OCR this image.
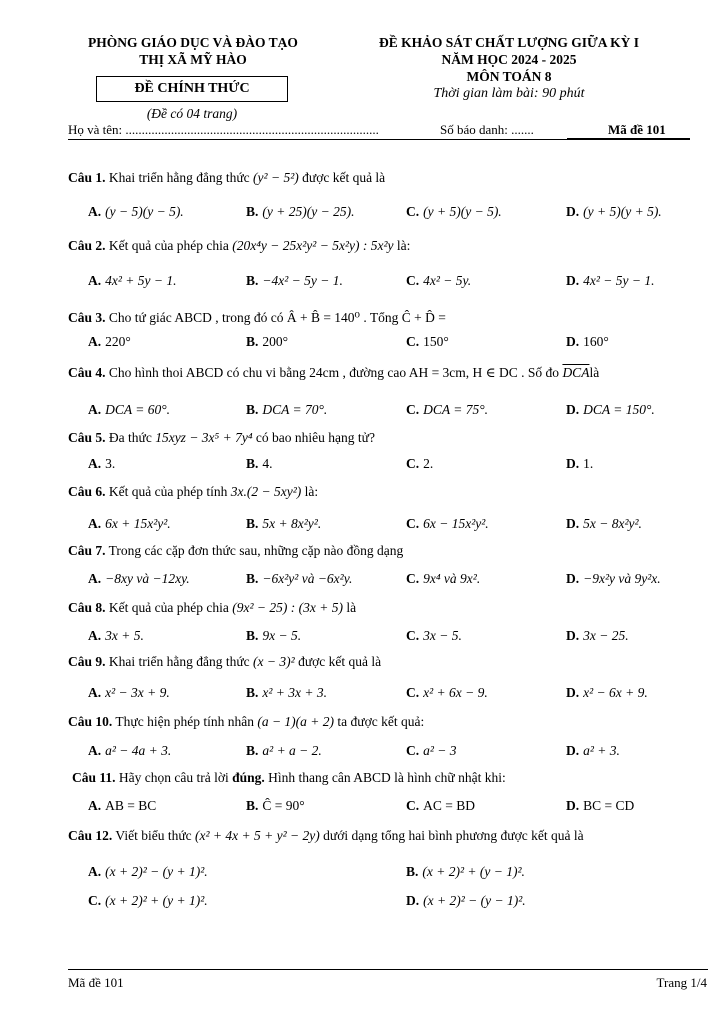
PHÒNG GIÁO DỤC VÀ ĐÀO TẠO
THỊ XÃ MỸ HÀO
ĐỀ CHÍNH THỨC
(Đề có 04 trang)
ĐỀ KHẢO SÁT CHẤT LƯỢNG GIỮA KỲ I
NĂM HỌC 2024 - 2025
MÔN TOÁN 8
Thời gian làm bài: 90 phút
Họ và tên: ..............................................................................	Số báo danh: .......	Mã đề 101
Câu 1. Khai triển hằng đẳng thức (y² − 5²) được kết quả là
A. (y − 5)(y − 5).	B. (y + 25)(y − 25).	C. (y + 5)(y − 5).	D. (y + 5)(y + 5).
Câu 2. Kết quả của phép chia (20x⁴y − 25x²y² − 5x²y) : 5x²y là:
A. 4x² + 5y − 1.	B. −4x² − 5y − 1.	C. 4x² − 5y.	D. 4x² − 5y − 1.
Câu 3. Cho tứ giác ABCD , trong đó có Â + B̂ = 140⁰ . Tổng Ĉ + D̂ =
A. 220°	B. 200°	C. 150°	D. 160°
Câu 4. Cho hình thoi ABCD có chu vi bằng 24cm , đường cao AH = 3cm, H ∈ DC . Số đo $\overline{DCA}là$
A. DCA = 60°.	B. DCA = 70°.	C. DCA = 75°.	D. DCA = 150°.
Câu 5. Đa thức 15xyz − 3x⁵ + 7y⁴ có bao nhiêu hạng tử?
A. 3.	B. 4.	C. 2.	D. 1.
Câu 6. Kết quả của phép tính 3x.(2 − 5xy²) là:
A. 6x + 15x²y².	B. 5x + 8x²y².	C. 6x − 15x²y².	D. 5x − 8x²y².
Câu 7. Trong các cặp đơn thức sau, những cặp nào đồng dạng
A. −8xy và −12xy.	B. −6x²y² và −6x²y.	C. 9x⁴ và 9x².	D. −9x²y và 9y²x.
Câu 8. Kết quả của phép chia (9x² − 25) : (3x + 5) là
A. 3x + 5.	B. 9x − 5.	C. 3x − 5.	D. 3x − 25.
Câu 9. Khai triển hằng đẳng thức (x − 3)² được kết quả là
A. x² − 3x + 9.	B. x² + 3x + 3.	C. x² + 6x − 9.	D. x² − 6x + 9.
Câu 10. Thực hiện phép tính nhân (a − 1)(a + 2) ta được kết quả:
A. a² − 4a + 3.	B. a² + a − 2.	C. a² − 3	D. a² + 3.
Câu 11. Hãy chọn câu trả lời đúng. Hình thang cân ABCD là hình chữ nhật khi:
A. AB = BC	B. Ĉ = 90°	C. AC = BD	D. BC = CD
Câu 12. Viết biểu thức (x² + 4x + 5 + y² − 2y) dưới dạng tổng hai bình phương được kết quả là
A. (x + 2)² − (y + 1)².	B. (x + 2)² + (y − 1)².
C. (x + 2)² + (y + 1)².	D. (x + 2)² − (y − 1)².
Mã đề 101	Trang 1/4
